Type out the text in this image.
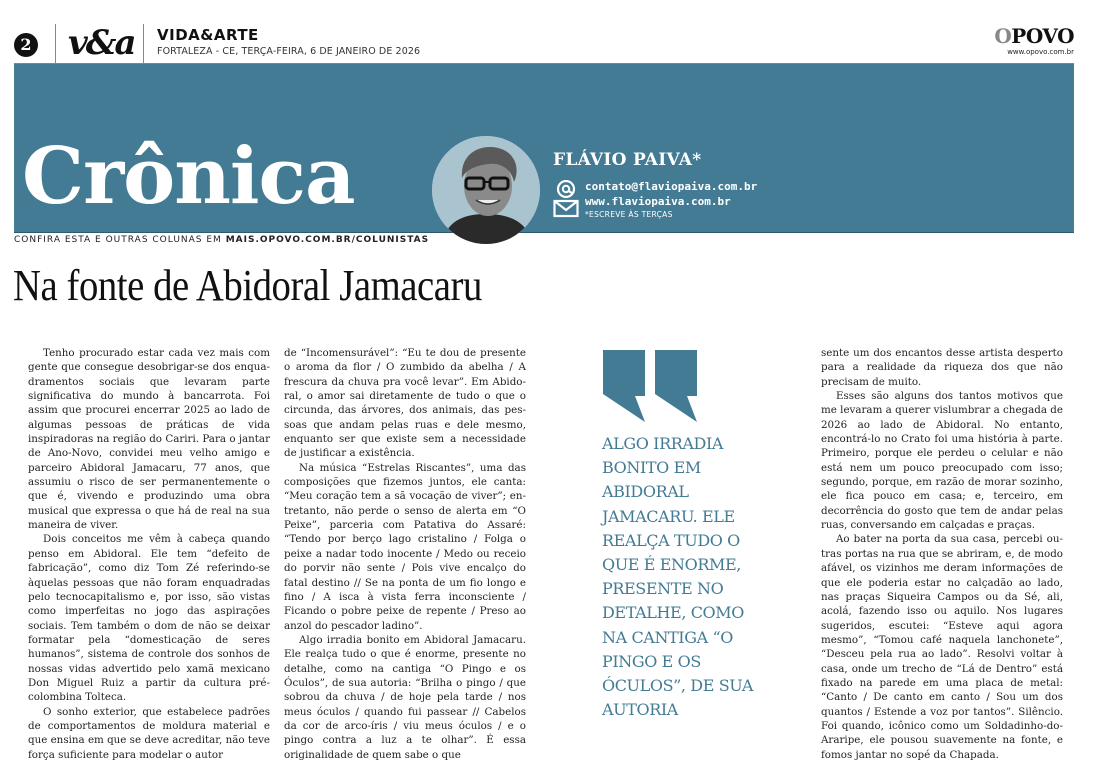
2 v&a VIDA&ARTE
FORTALEZA - CE, TERÇA-FEIRA, 6 DE JANEIRO DE 2026
OPOVO
www.opovo.com.br
Crônica	FLÁVIO PAIVA*
contato@flaviopaiva.com.br
www.flaviopaiva.com.br
*ESCREVE ÀS TERÇAS
CONFIRA ESTA E OUTRAS COLUNAS EM MAIS.OPOVO.COM.BR/COLUNISTAS
Na fonte de Abidoral Jamacaru

Tenho procurado estar cada vez mais com gente que consegue desobrigar-se dos enquadramentos sociais que levaram parte significativa do mundo à bancarrota. Foi assim que procurei encerrar 2025 ao lado de algumas pessoas de práticas de vida inspiradoras na região do Cariri. Para o jantar de Ano-Novo, convidei meu velho amigo e parceiro Abidoral Jamacaru, 77 anos, que assumiu o risco de ser permanentemente o que é, vivendo e produzindo uma obra musical que expressa o que há de real na sua maneira de viver.

Dois conceitos me vêm à cabeça quando penso em Abidoral. Ele tem “defeito de fabricação”, como diz Tom Zé referindo-se àquelas pessoas que não foram enquadradas pelo tecnocapitalismo e, por isso, são vistas como imperfeitas no jogo das aspirações sociais. Tem também o dom de não se deixar formatar pela “domesticação de seres humanos”, sistema de controle dos sonhos de nossas vidas advertido pelo xamã mexicano Don Miguel Ruiz a partir da cultura pré-colombina Tolteca.

O sonho exterior, que estabelece padrões de comportamentos de moldura material e que ensina em que se deve acreditar, não teve força suficiente para modelar o autor

de “Incomensurável”: “Eu te dou de presente o aroma da flor / O zumbido da abelha / A frescura da chuva pra você levar”. Em Abidoral, o amor sai diretamente de tudo o que o circunda, das árvores, dos animais, das pessoas que andam pelas ruas e dele mesmo, enquanto ser que existe sem a necessidade de justificar a existência.

Na música “Estrelas Riscantes”, uma das composições que fizemos juntos, ele canta: “Meu coração tem a sã vocação de viver”; entretanto, não perde o senso de alerta em “O Peixe”, parceria com Patativa do Assaré: “Tendo por berço lago cristalino / Folga o peixe a nadar todo inocente / Medo ou receio do porvir não sente / Pois vive encalço do fatal destino // Se na ponta de um fio longo e fino / A isca à vista ferra inconsciente / Ficando o pobre peixe de repente / Preso ao anzol do pescador ladino”.

Algo irradia bonito em Abidoral Jamacaru. Ele realça tudo o que é enorme, presente no detalhe, como na cantiga “O Pingo e os Óculos”, de sua autoria: “Brilha o pingo / que sobrou da chuva / de hoje pela tarde / nos meus óculos / quando fui passear // Cabelos da cor de arco-íris / viu meus óculos / e o pingo contra a luz a te olhar”. É essa originalidade de quem sabe o que

ALGO IRRADIA BONITO EM ABIDORAL JAMACARU. ELE REALÇA TUDO O QUE É ENORME, PRESENTE NO DETALHE, COMO NA CANTIGA “O PINGO E OS ÓCULOS”, DE SUA AUTORIA

sente um dos encantos desse artista desperto para a realidade da riqueza dos que não precisam de muito.

Esses são alguns dos tantos motivos que me levaram a querer vislumbrar a chegada de 2026 ao lado de Abidoral. No entanto, encontrá-lo no Crato foi uma história à parte. Primeiro, porque ele perdeu o celular e não está nem um pouco preocupado com isso; segundo, porque, em razão de morar sozinho, ele fica pouco em casa; e, terceiro, em decorrência do gosto que tem de andar pelas ruas, conversando em calçadas e praças.

Ao bater na porta da sua casa, percebi outras portas na rua que se abriram, e, de modo afável, os vizinhos me deram informações de que ele poderia estar no calçadão ao lado, nas praças Siqueira Campos ou da Sé, ali, acolá, fazendo isso ou aquilo. Nos lugares sugeridos, escutei: “Esteve aqui agora mesmo”, “Tomou café naquela lanchonete”, “Desceu pela rua ao lado”. Resolvi voltar à casa, onde um trecho de “Lá de Dentro” está fixado na parede em uma placa de metal: “Canto / De canto em canto / Sou um dos quantos / Estende a voz por tantos”. Silêncio. Foi quando, icônico como um Soldadinho-do-Araripe, ele pousou suavemente na fonte, e fomos jantar no sopé da Chapada.
